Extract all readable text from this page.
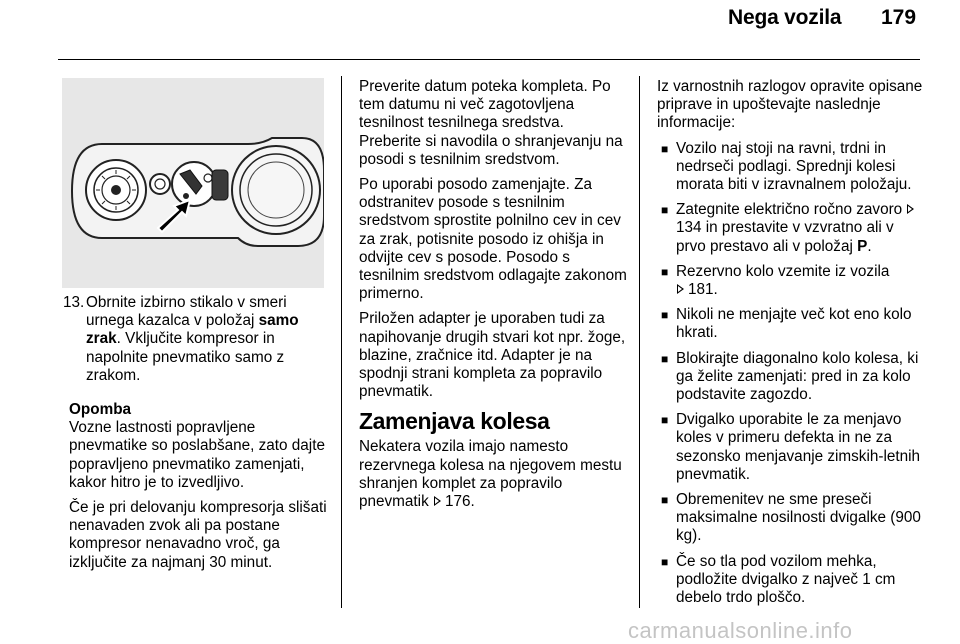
Nega vozila 179
13. Obrnite izbirno stikalo v smeri urnega kazalca v položaj samo zrak. Vključite kompresor in napolnite pnevmatiko samo z zrakom.
Opomba

Vozne lastnosti popravljene pnevmatike so poslabšane, zato dajte popravljeno pnevmatiko zamenjati, kakor hitro je to izvedljivo.

Če je pri delovanju kompresorja slišati nenavaden zvok ali pa postane kompresor nenavadno vroč, ga izključite za najmanj 30 minut.

Preverite datum poteka kompleta. Po tem datumu ni več zagotovljena tesnilnost tesnilnega sredstva. Preberite si navodila o shranjevanju na posodi s tesnilnim sredstvom.

Po uporabi posodo zamenjajte. Za odstranitev posode s tesnilnim sredstvom sprostite polnilno cev in cev za zrak, potisnite posodo iz ohišja in odvijte cev s posode. Posodo s tesnilnim sredstvom odlagajte zakonom primerno.

Priložen adapter je uporaben tudi za napihovanje drugih stvari kot npr. žoge, blazine, zračnice itd. Adapter je na spodnji strani kompleta za popravilo pnevmatik.

Zamenjava kolesa

Nekatera vozila imajo namesto rezervnega kolesa na njegovem mestu shranjen komplet za popravilo pnevmatik 176.

Iz varnostnih razlogov opravite opisane priprave in upoštevajte naslednje informacije:

■ Vozilo naj stoji na ravni, trdni in nedrseči podlagi. Sprednji kolesi morata biti v izravnalnem položaju.
■ Zategnite električno ročno zavoro 134 in prestavite v vzvratno ali v prvo prestavo ali v položaj P.
■ Rezervno kolo vzemite iz vozila
181.
■ Nikoli ne menjajte več kot eno kolo hkrati.
■ Blokirajte diagonalno kolo kolesa, ki ga želite zamenjati: pred in za kolo podstavite zagozdo.
■ Dvigalko uporabite le za menjavo koles v primeru defekta in ne za sezonsko menjavanje zimskih-letnih pnevmatik.
■ Obremenitev ne sme preseči maksimalne nosilnosti dvigalke (900 kg).
■ Če so tla pod vozilom mehka, podložite dvigalko z največ 1 cm debelo trdo ploščo.
carmanualsonline.info
